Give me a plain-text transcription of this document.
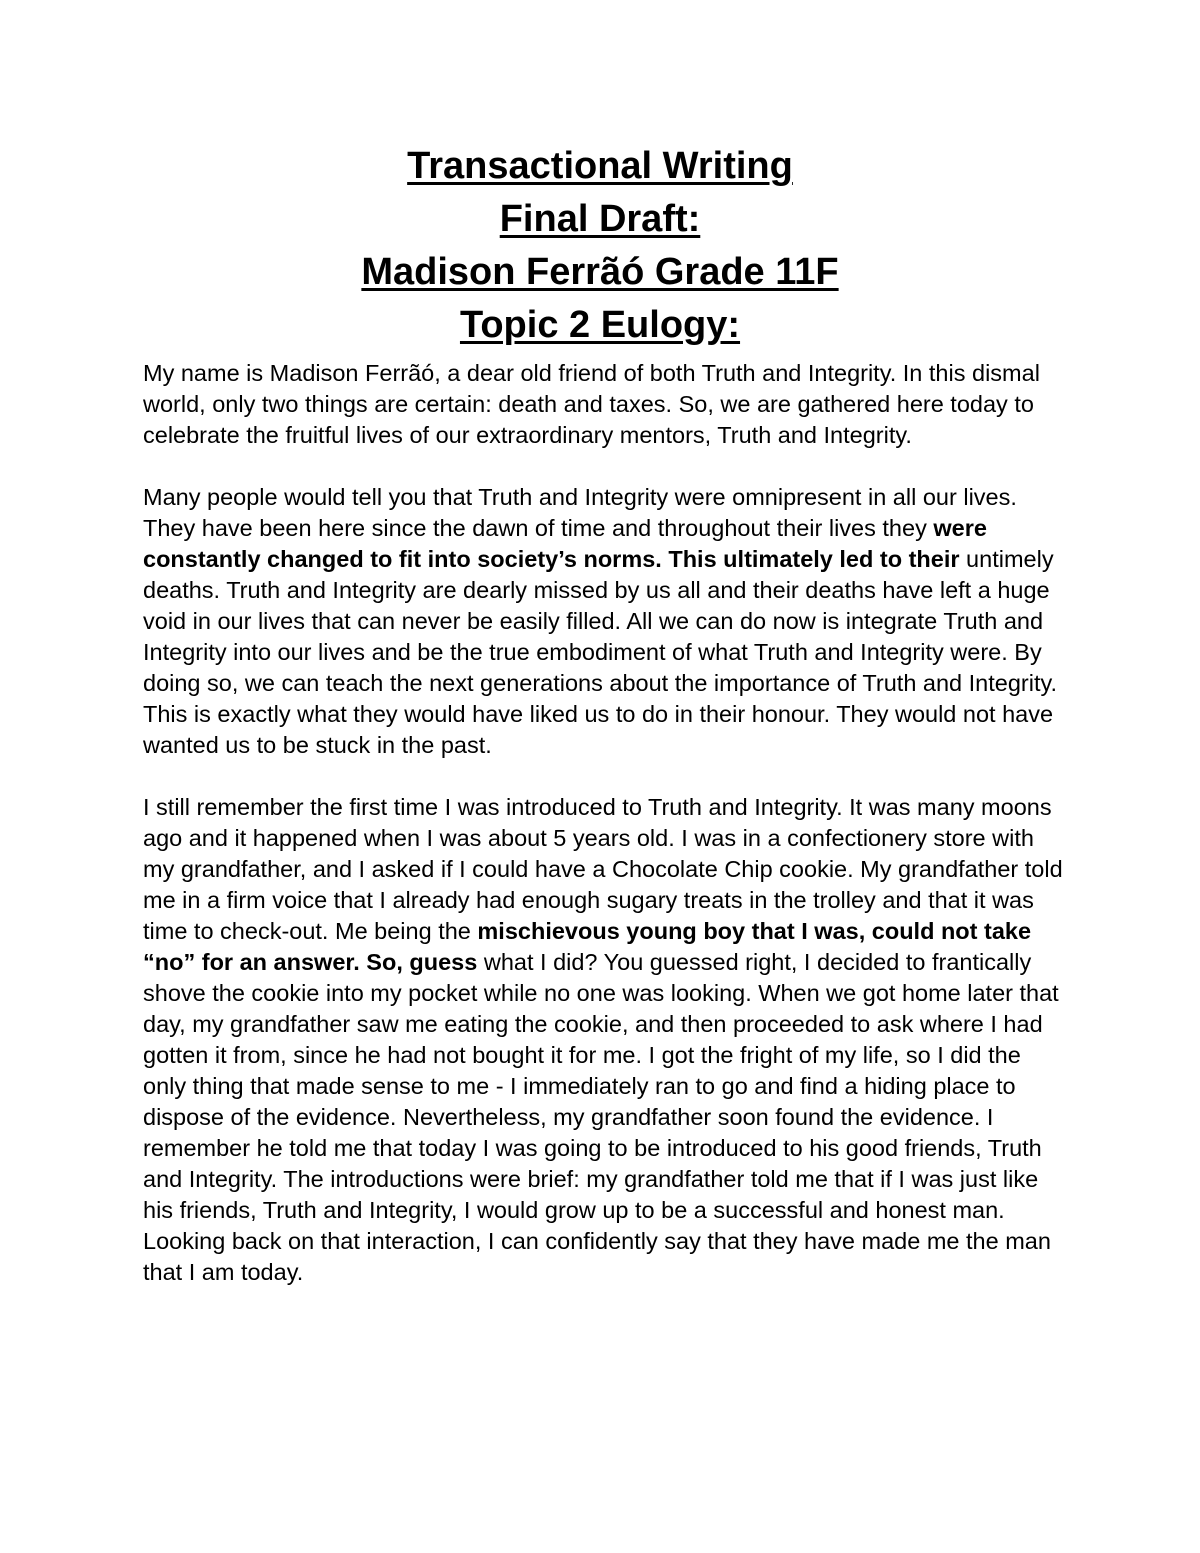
Transactional Writing
Final Draft:
Madison Ferrãó Grade 11F
Topic 2 Eulogy:

My name is Madison Ferrãó, a dear old friend of both Truth and Integrity. In this dismal world, only two things are certain: death and taxes. So, we are gathered here today to celebrate the fruitful lives of our extraordinary mentors, Truth and Integrity.

Many people would tell you that Truth and Integrity were omnipresent in all our lives. They have been here since the dawn of time and throughout their lives they were constantly changed to fit into society’s norms. This ultimately led to their untimely deaths. Truth and Integrity are dearly missed by us all and their deaths have left a huge void in our lives that can never be easily filled. All we can do now is integrate Truth and Integrity into our lives and be the true embodiment of what Truth and Integrity were. By doing so, we can teach the next generations about the importance of Truth and Integrity. This is exactly what they would have liked us to do in their honour. They would not have wanted us to be stuck in the past.

I still remember the first time I was introduced to Truth and Integrity. It was many moons ago and it happened when I was about 5 years old. I was in a confectionery store with my grandfather, and I asked if I could have a Chocolate Chip cookie. My grandfather told me in a firm voice that I already had enough sugary treats in the trolley and that it was time to check-out. Me being the mischievous young boy that I was, could not take “no” for an answer. So, guess what I did? You guessed right, I decided to frantically shove the cookie into my pocket while no one was looking. When we got home later that day, my grandfather saw me eating the cookie, and then proceeded to ask where I had gotten it from, since he had not bought it for me. I got the fright of my life, so I did the only thing that made sense to me - I immediately ran to go and find a hiding place to dispose of the evidence. Nevertheless, my grandfather soon found the evidence. I remember he told me that today I was going to be introduced to his good friends, Truth and Integrity. The introductions were brief: my grandfather told me that if I was just like his friends, Truth and Integrity, I would grow up to be a successful and honest man. Looking back on that interaction, I can confidently say that they have made me the man that I am today.
